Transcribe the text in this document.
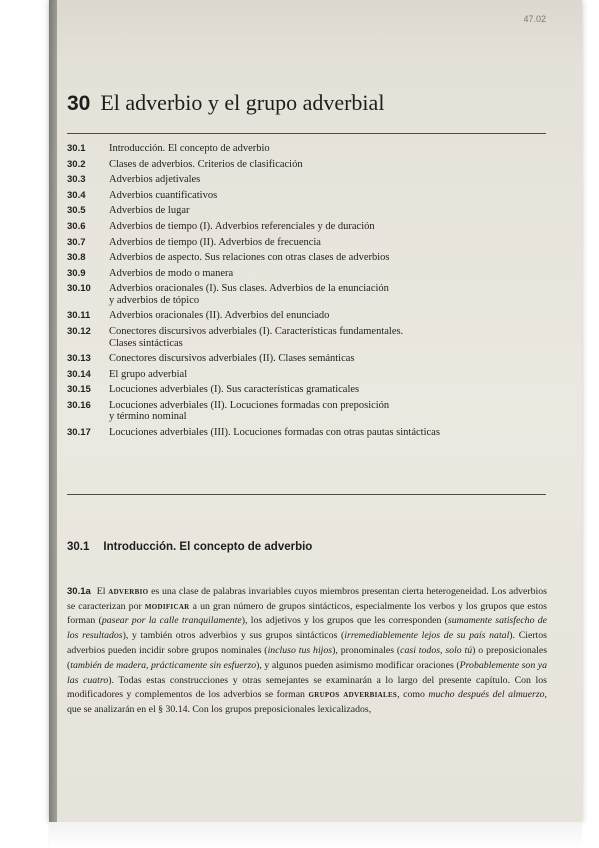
47.02
30 El adverbio y el grupo adverbial
30.1	Introducción. El concepto de adverbio
30.2	Clases de adverbios. Criterios de clasificación
30.3	Adverbios adjetivales
30.4	Adverbios cuantificativos
30.5	Adverbios de lugar
30.6	Adverbios de tiempo (I). Adverbios referenciales y de duración
30.7	Adverbios de tiempo (II). Adverbios de frecuencia
30.8	Adverbios de aspecto. Sus relaciones con otras clases de adverbios
30.9	Adverbios de modo o manera
30.10	Adverbios oracionales (I). Sus clases. Adverbios de la enunciación
y adverbios de tópico
30.11	Adverbios oracionales (II). Adverbios del enunciado
30.12	Conectores discursivos adverbiales (I). Características fundamentales.
Clases sintácticas
30.13	Conectores discursivos adverbiales (II). Clases semánticas
30.14	El grupo adverbial
30.15	Locuciones adverbiales (I). Sus características gramaticales
30.16	Locuciones adverbiales (II). Locuciones formadas con preposición
y término nominal
30.17	Locuciones adverbiales (III). Locuciones formadas con otras pautas sintácticas
30.1 Introducción. El concepto de adverbio

30.1a El adverbio es una clase de palabras invariables cuyos miembros presentan cierta heterogeneidad. Los adverbios se caracterizan por modificar a un gran número de grupos sintácticos, especialmente los verbos y los grupos que estos forman (pasear por la calle tranquilamente), los adjetivos y los grupos que les corresponden (sumamente satisfecho de los resultados), y también otros adverbios y sus grupos sintácticos (irremediablemente lejos de su país natal). Ciertos adverbios pueden incidir sobre grupos nominales (incluso tus hijos), pronominales (casi todos, solo tú) o preposicionales (también de madera, prácticamente sin esfuerzo), y algunos pueden asimismo modificar oraciones (Probablemente son ya las cuatro). Todas estas construcciones y otras semejantes se examinarán a lo largo del presente capítulo. Con los modificadores y complementos de los adverbios se forman grupos adverbiales, como mucho después del almuerzo, que se analizarán en el § 30.14. Con los grupos preposicionales lexicalizados,
